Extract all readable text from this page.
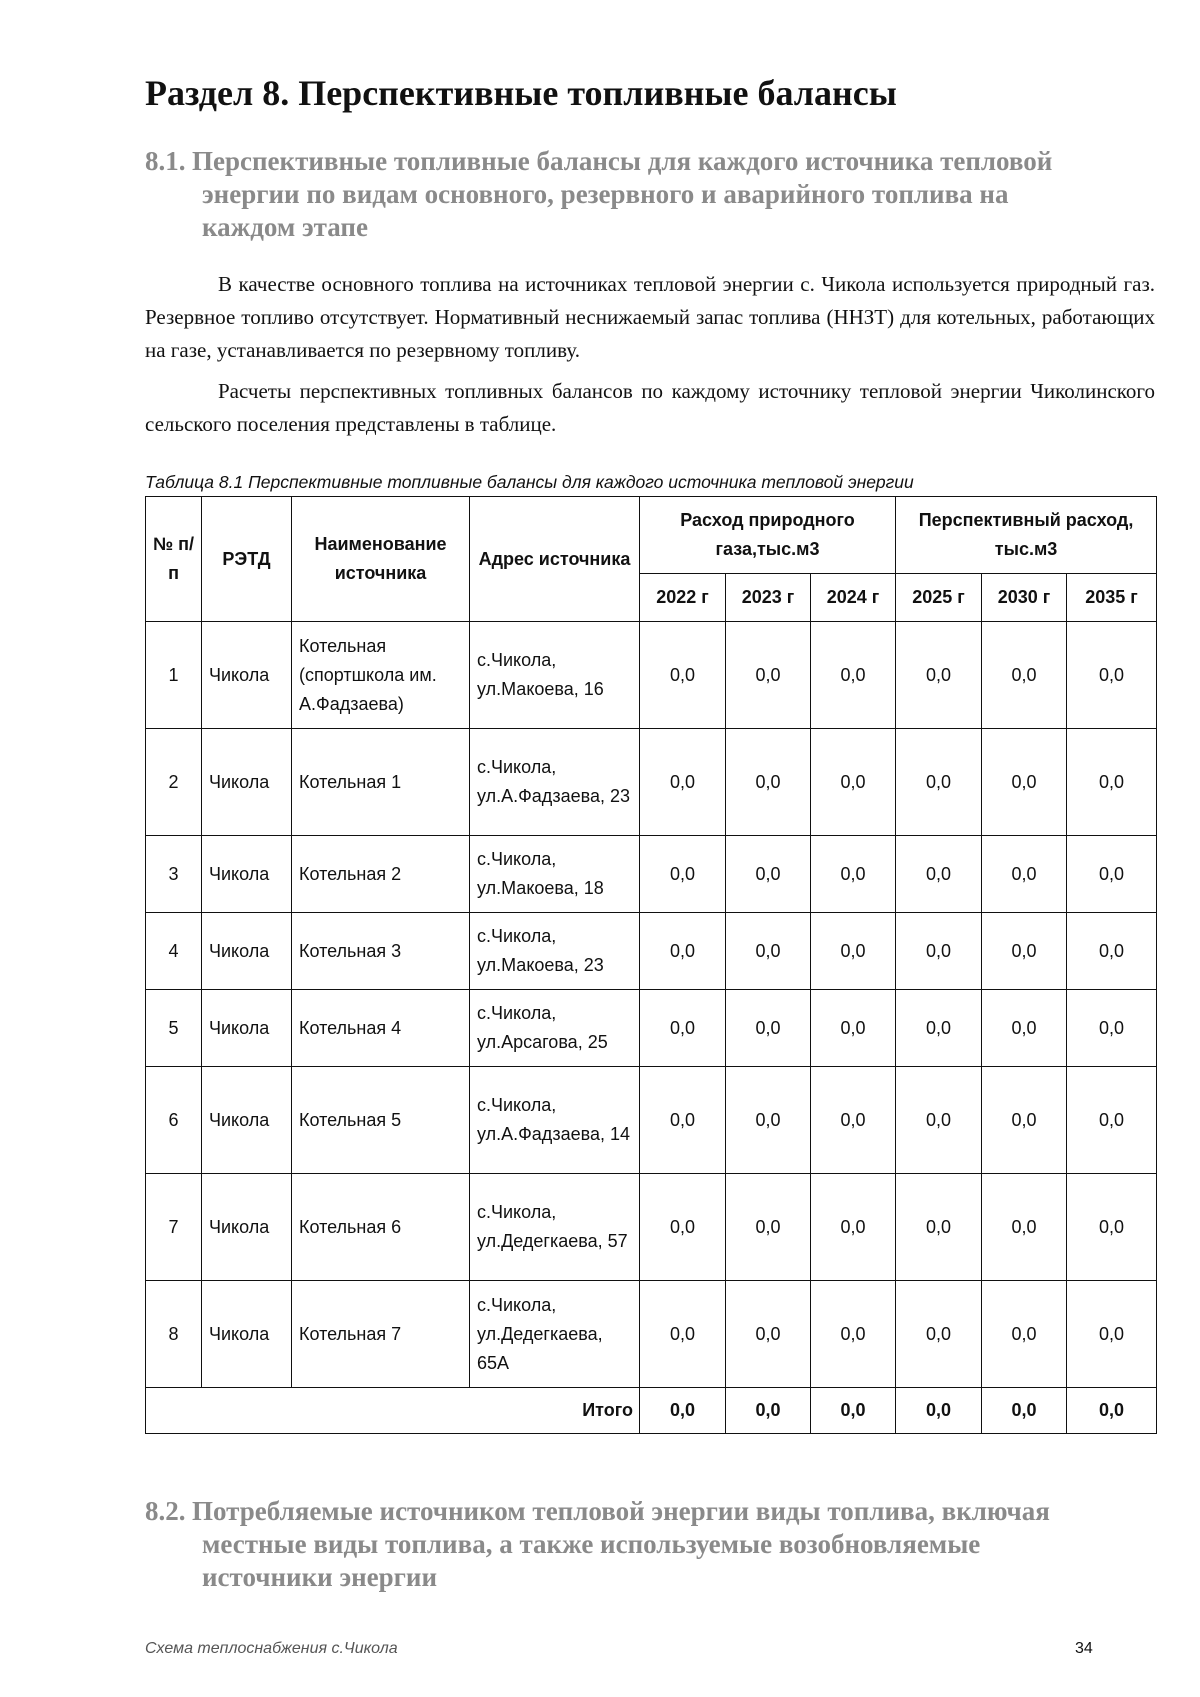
Раздел 8. Перспективные топливные балансы
8.1. Перспективные топливные балансы для каждого источника тепловой
энергии по видам основного, резервного и аварийного топлива на
каждом этапе

В качестве основного топлива на источниках тепловой энергии с. Чикола используется природный газ. Резервное топливо отсутствует. Нормативный неснижаемый запас топлива (ННЗТ) для котельных, работающих на газе, устанавливается по резервному топливу.

Расчеты перспективных топливных балансов по каждому источнику тепловой энергии Чиколинского сельского поселения представлены в таблице.

Таблица 8.1 Перспективные топливные балансы для каждого источника тепловой энергии

№ п/п	РЭТД	Наименование источника	Адрес источника	Расход природного газа,тыс.м3			Перспективный расход, тыс.м3		
				2022 г	2023 г	2024 г	2025 г	2030 г	2035 г
1	Чикола	Котельная (спортшкола им. А.Фадзаева)	с.Чикола, ул.Макоева, 16	0,0	0,0	0,0	0,0	0,0	0,0
2	Чикола	Котельная 1	с.Чикола, ул.А.Фадзаева, 23	0,0	0,0	0,0	0,0	0,0	0,0
3	Чикола	Котельная 2	с.Чикола, ул.Макоева, 18	0,0	0,0	0,0	0,0	0,0	0,0
4	Чикола	Котельная 3	с.Чикола, ул.Макоева, 23	0,0	0,0	0,0	0,0	0,0	0,0
5	Чикола	Котельная 4	с.Чикола, ул.Арсагова, 25	0,0	0,0	0,0	0,0	0,0	0,0
6	Чикола	Котельная 5	с.Чикола, ул.А.Фадзаева, 14	0,0	0,0	0,0	0,0	0,0	0,0
7	Чикола	Котельная 6	с.Чикола, ул.Дедегкаева, 57	0,0	0,0	0,0	0,0	0,0	0,0
8	Чикола	Котельная 7	с.Чикола, ул.Дедегкаева, 65А	0,0	0,0	0,0	0,0	0,0	0,0
Итого				0,0	0,0	0,0	0,0	0,0	0,0
8.2. Потребляемые источником тепловой энергии виды топлива, включая
местные виды топлива, а также используемые возобновляемые
источники энергии

Схема теплоснабжения с.Чикола	34
